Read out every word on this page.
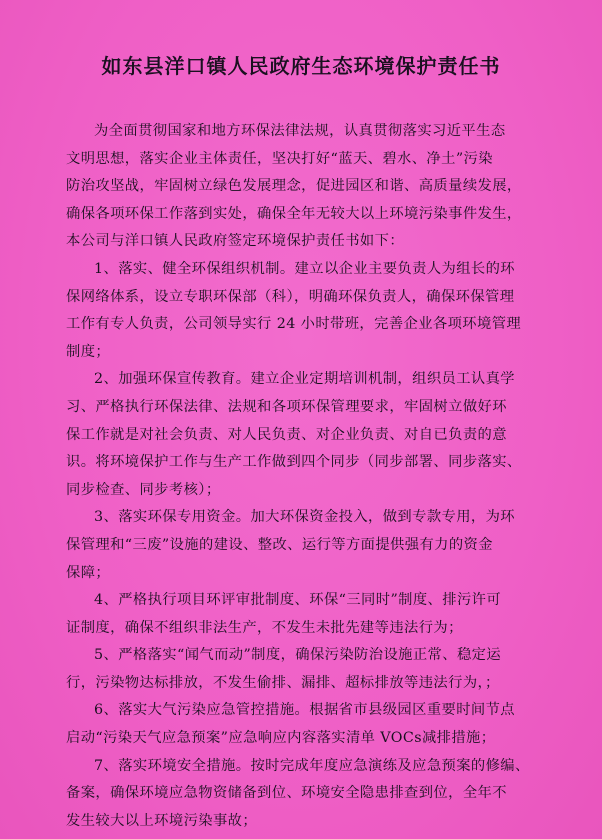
如东县洋口镇人民政府生态环境保护责任书

为全面贯彻国家和地方环保法律法规，认真贯彻落实习近平生态
文明思想，落实企业主体责任，坚决打好“蓝天、碧水、净土”污染
防治攻坚战，牢固树立绿色发展理念，促进园区和谐、高质量续发展，
确保各项环保工作落到实处，确保全年无较大以上环境污染事件发生，
本公司与洋口镇人民政府签定环境保护责任书如下：

1、落实、健全环保组织机制。建立以企业主要负责人为组长的环
保网络体系，设立专职环保部（科），明确环保负责人，确保环保管理
工作有专人负责，公司领导实行 24 小时带班，完善企业各项环境管理
制度；

2、加强环保宣传教育。建立企业定期培训机制，组织员工认真学
习、严格执行环保法律、法规和各项环保管理要求，牢固树立做好环
保工作就是对社会负责、对人民负责、对企业负责、对自已负责的意
识。将环境保护工作与生产工作做到四个同步（同步部署、同步落实、
同步检查、同步考核）；

3、落实环保专用资金。加大环保资金投入，做到专款专用，为环
保管理和“三废”设施的建设、整改、运行等方面提供强有力的资金
保障；

4、严格执行项目环评审批制度、环保“三同时”制度、排污许可
证制度，确保不组织非法生产，不发生未批先建等违法行为；

5、严格落实“闻气而动”制度，确保污染防治设施正常、稳定运
行，污染物达标排放，不发生偷排、漏排、超标排放等违法行为，；

6、落实大气污染应急管控措施。根据省市县级园区重要时间节点
启动“污染天气应急预案”应急响应内容落实清单 VOCs减排措施；

7、落实环境安全措施。按时完成年度应急演练及应急预案的修编、
备案，确保环境应急物资储备到位、环境安全隐患排查到位，全年不
发生较大以上环境污染事故；
